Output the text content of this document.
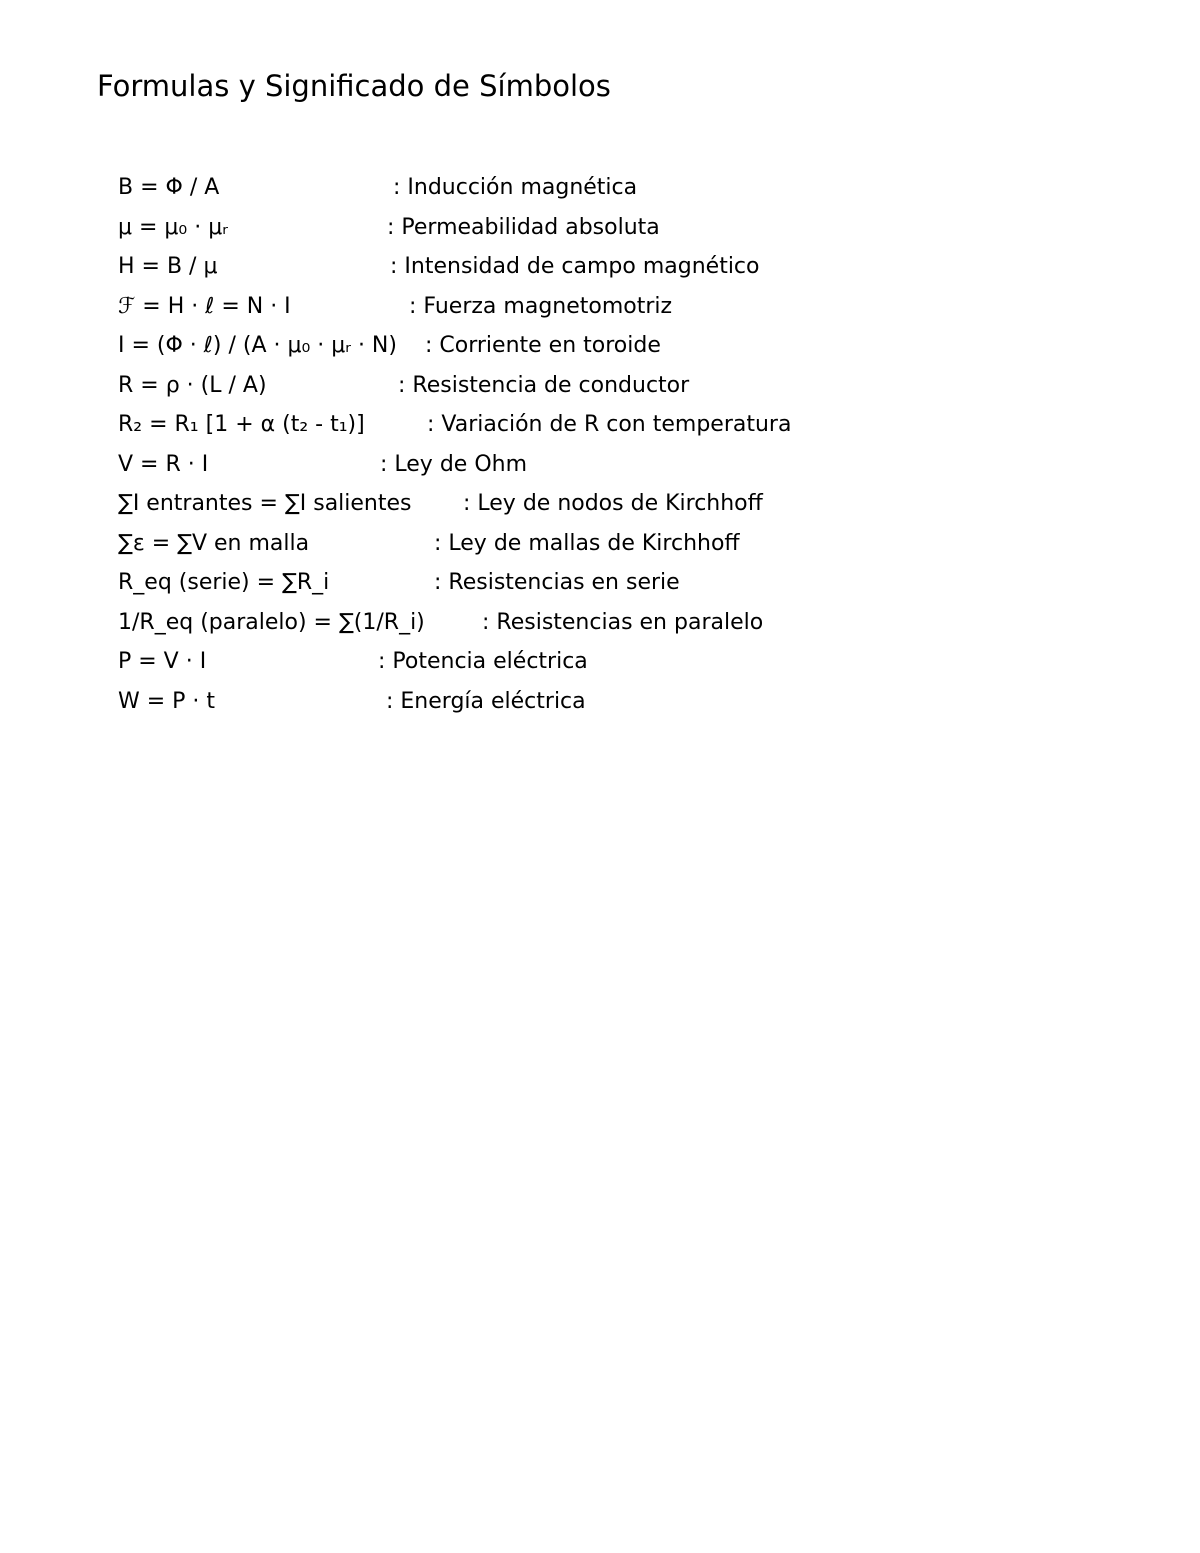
Formulas y Significado de Símbolos
B = Φ / A	: Inducción magnética
μ = μ₀ · μᵣ	: Permeabilidad absoluta
H = B / μ	: Intensidad de campo magnético
ℱ = H · ℓ = N · I	: Fuerza magnetomotriz
I = (Φ · ℓ) / (A · μ₀ · μᵣ · N) : Corriente en toroide
R = ρ · (L / A)	: Resistencia de conductor
R₂ = R₁ [1 + α (t₂ - t₁)]	: Variación de R con temperatura
V = R · I	: Ley de Ohm
∑I entrantes = ∑I salientes : Ley de nodos de Kirchhoff
∑ε = ∑V en malla	: Ley de mallas de Kirchhoff
R_eq (serie) = ∑R_i	: Resistencias en serie
1/R_eq (paralelo) = ∑(1/R_i)	: Resistencias en paralelo
P = V · I	: Potencia eléctrica
W = P · t	: Energía eléctrica
